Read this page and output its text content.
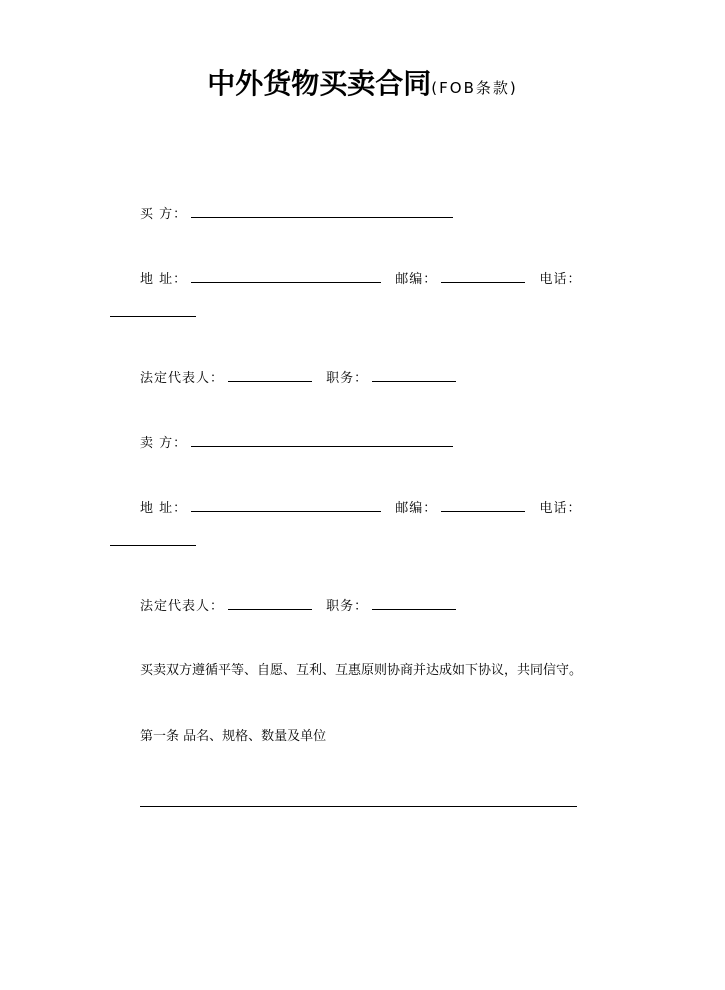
中外货物买卖合同(FOB条款)
买 方：
地 址：	邮编：	电话：
法定代表人：	职务：
卖 方：
地 址：	邮编：	电话：
法定代表人：	职务：
买卖双方遵循平等、自愿、互利、互惠原则协商并达成如下协议，共同信守。
第一条 品名、规格、数量及单位
